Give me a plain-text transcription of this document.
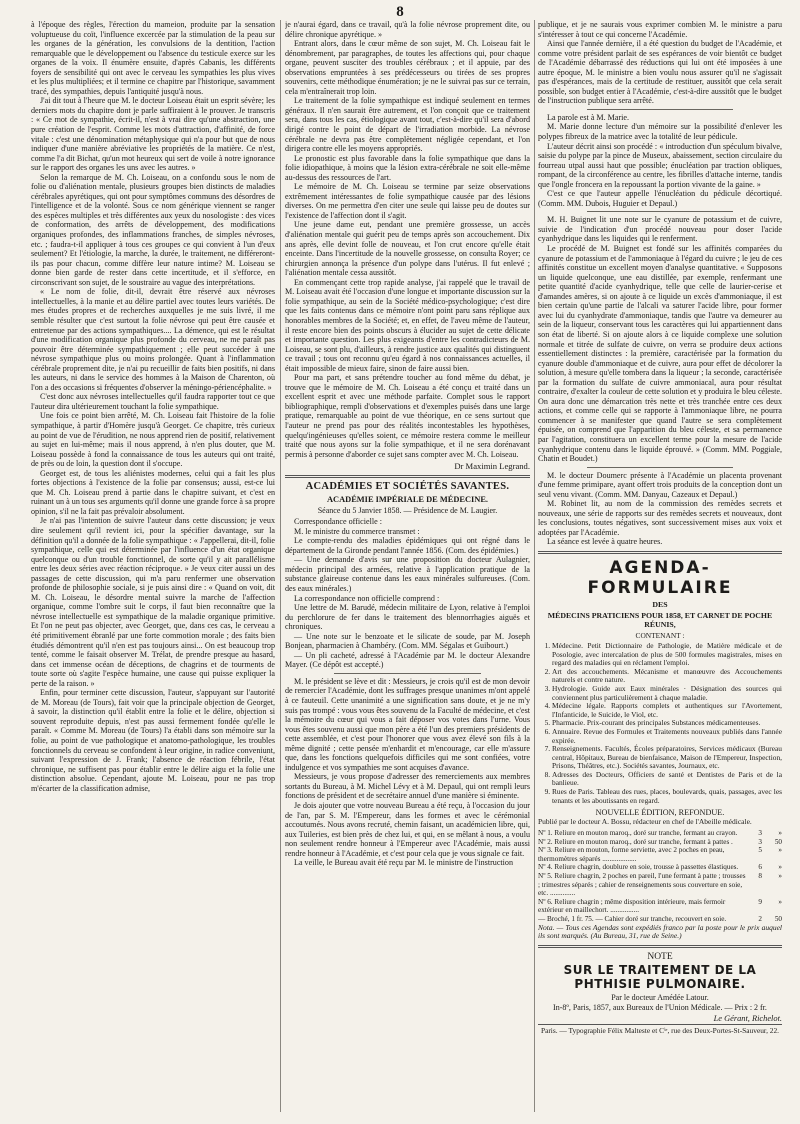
8

à l'époque des règles, l'érection du mameion, produite par la sensation voluptueuse du coït, l'influence excercée par la stimulation de la peau sur les organes de la génération, les convulsions de la dentition, l'action remarquable que le développement ou l'absence du testicule exerce sur les organes de la voix. Il énumère ensuite, d'après Cabanis, les différents foyers de sensibilité qui ont avec le cerveau les sympathies les plus vives et les plus multipliées; et il termine ce chapitre par l'historique, savamment tracé, des sympathies, depuis l'antiquité jusqu'à nous.

J'ai dit tout à l'heure que M. le docteur Loiseau était un esprit sévère; les derniers mots du chapitre dont je parle suffiraient à le prouver. Je transcris : « Ce mot de sympathie, écrit-il, n'est à vrai dire qu'une abstraction, une pure création de l'esprit. Comme les mots d'attraction, d'affinité, de force vitale : c'est une dénomination métaphysique qui n'a pour but que de nous indiquer d'une manière abréviative les propriétés de la matière. Ce n'est, comme l'a dit Bichat, qu'un mot heureux qui sert de voile à notre ignorance sur le rapport des organes les uns avec les autres. »

Selon la remarque de M. Ch. Loiseau, on a confondu sous le nom de folie ou d'aliénation mentale, plusieurs groupes bien distincts de maladies cérébrales apyrétiques, qui ont pour symptômes communs des désordres de l'intelligence et de la volonté. Sous ce nom générique viennent se ranger des espèces multiples et très différentes aux yeux du nosologiste : des vices de conformation, des arrêts de développement, des modifications organiques profondes, des inflammations franches, de simples névroses, etc. ; faudra-t-il appliquer à tous ces groupes ce qui convient à l'un d'eux seulement? Et l'étiologie, la marche, la durée, le traitement, ne différeront-ils pas pour chacun, comme diffère leur nature intime? M. Loiseau se donne bien garde de rester dans cette incertitude, et il s'efforce, en circonscrivant son sujet, de le soustraire au vague des interprétations.

« Le nom de folie, dit-il, devrait être réservé aux névroses intellectuelles, à la manie et au délire partiel avec toutes leurs variétés. De mes études propres et de recherches auxquelles je me suis livré, il me semble résulter que c'est surtout la folie névrose qui peut être causée et entretenue par des actions sympathiques.... La démence, qui est le résultat d'une modification organique plus profonde du cerveau, ne me paraît pas pouvoir être déterminée sympathiquement ; elle peut succéder à une névrose sympathique plus ou moins prolongée. Quant à l'inflammation cérébrale proprement dite, je n'ai pu recueillir de faits bien positifs, ni dans les auteurs, ni dans le service des hommes à la Maison de Charenton, où l'on a des occasions si fréquentes d'observer la méningo-périencéphalite. »

C'est donc aux névroses intellectuelles qu'il faudra rapporter tout ce que l'auteur dira ultérieurement touchant la folie sympathique.

Une fois ce point bien arrêté, M. Ch. Loiseau fait l'histoire de la folie sympathique, à partir d'Homère jusqu'à Georget. Ce chapitre, très curieux au point de vue de l'érudition, ne nous apprend rien de positif, relativement au sujet en lui-même; mais il nous apprend, à n'en plus douter, que M. Loiseau possède à fond la connaissance de tous les auteurs qui ont traité, de près ou de loin, la question dont il s'occupe.

Georget est, de tous les aliénistes modernes, celui qui a fait les plus fortes objections à l'existence de la folie par consensus; aussi, est-ce lui que M. Ch. Loiseau prend à partie dans le chapitre suivant, et c'est en ruinant un à un tous ses arguments qu'il donne une grande force à sa propre opinion, s'il ne la fait pas prévaloir absolument.

Je n'ai pas l'intention de suivre l'auteur dans cette discussion; je veux dire seulement qu'il revient ici, pour la spécifier davantage, sur la définition qu'il a donnée de la folie sympathique : « J'appellerai, dit-il, folie sympathique, celle qui est déterminée par l'influence d'un état organique quelconque ou d'un trouble fonctionnel, de sorte qu'il y ait parallélisme entre les deux séries avec réaction réciproque. » Je veux citer aussi un des passages de cette discussion, qui m'a paru renfermer une observation profonde de philosophie sociale, si je puis ainsi dire : « Quand on voit, dit M. Ch. Loiseau, le désordre mental suivre la marche de l'affection organique, comme l'ombre suit le corps, il faut bien reconnaître que la névrose intellectuelle est sympathique de la maladie organique primitive. Et l'on ne peut pas objecter, avec Georget, que, dans ces cas, le cerveau a été primitivement ébranlé par une forte commotion morale ; des faits bien étudiés démontrent qu'il n'en est pas toujours ainsi... On est beaucoup trop tenté, comme le faisait observer M. Trélat, de prendre presque au hasard, dans cet immense océan de déceptions, de chagrins et de tourments de toute sorte où s'agite l'espèce humaine, une cause qui puisse expliquer la perte de la raison. »

Enfin, pour terminer cette discussion, l'auteur, s'appuyant sur l'autorité de M. Moreau (de Tours), fait voir que la principale objection de Georget, à savoir, la distinction qu'il établit entre la folie et le délire, objection si souvent reproduite depuis, n'est pas aussi fermement fondée qu'elle le paraît. « Comme M. Moreau (de Tours) l'a établi dans son mémoire sur la folie, au point de vue pathologique et anatomo-pathologique, les troubles fonctionnels du cerveau se confondent à leur origine, in radice conveniunt, suivant l'expression de J. Frank; l'absence de réaction fébrile, l'état chronique, ne suffisent pas pour établir entre le délire aigu et la folie une distinction absolue. Cependant, ajoute M. Loiseau, pour ne pas trop m'écarter de la classification admise,

je n'aurai égard, dans ce travail, qu'à la folie névrose proprement dite, ou délire chronique apyrétique. »

Entrant alors, dans le cœur même de son sujet, M. Ch. Loiseau fait le dénombrement, par paragraphes, de toutes les affections qui, pour chaque organe, peuvent susciter des troubles cérébraux ; et il appuie, par des observations empruntées à ses prédécesseurs ou tirées de ses propres souvenirs, cette méthodique énumération; je ne le suivrai pas sur ce terrain, cela m'entraînerait trop loin.

Le traitement de la folie sympathique est indiqué seulement en termes généraux. Il n'en saurait être autrement, et l'on conçoit que ce traitement sera, dans tous les cas, étiologique avant tout, c'est-à-dire qu'il sera d'abord dirigé contre le point de départ de l'irradiation morbide. La névrose cérébrale ne devra pas être complètement négligée cependant, et l'on dirigera contre elle les moyens appropriés.

Le pronostic est plus favorable dans la folie sympathique que dans la folie idiopathique, à moins que la lésion extra-cérébrale ne soit elle-même au-dessus des ressources de l'art.

Le mémoire de M. Ch. Loiseau se termine par seize observations extrêmement intéressantes de folie sympathique causée par des lésions diverses. On me permettra d'en citer une seule qui laisse peu de doutes sur l'existence de l'affection dont il s'agit.

Une jeune dame eut, pendant une première grossesse, un accès d'aliénation mentale qui guérit peu de temps après son accouchement. Dix ans après, elle devint folle de nouveau, et l'on crut encore qu'elle était enceinte. Dans l'incertitude de la nouvelle grossesse, on consulta Royer; ce chirurgien annonça la présence d'un polype dans l'utérus. Il fut enlevé ; l'aliénation mentale cessa aussitôt.

En commençant cette trop rapide analyse, j'ai rappelé que le travail de M. Loiseau avait été l'occasion d'une longue et importante discussion sur la folie sympathique, au sein de la Société médico-psychologique; c'est dire que les faits contenus dans ce mémoire n'ont point paru sans réplique aux honorables membres de la Société; et, en effet, de l'aveu même de l'auteur, il reste encore bien des points obscurs à élucider au sujet de cette délicate et importante question. Les plus exigeants d'entre les contradicteurs de M. Loiseau, se sont plu, d'ailleurs, à rendre justice aux qualités qui distinguent ce travail ; tous ont reconnu qu'eu égard à nos connaissances actuelles, il était impossible de mieux faire, sinon de faire aussi bien.

Pour ma part, et sans prétendre toucher au fond même du débat, je trouve que le mémoire de M. Ch. Loiseau a été conçu et traité dans un excellent esprit et avec une méthode parfaite. Complet sous le rapport bibliographique, rempli d'observations et d'exemples puisés dans une large pratique, remarquable au point de vue théorique, en ce sens surtout que l'auteur ne prend pas pour des réalités incontestables les hypothèses, quelqu'ingénieuses qu'elles soient, ce mémoire restera comme le meilleur traité que nous ayons sur la folie sympathique, et il ne sera dorénavant permis à personne d'aborder ce sujet sans compter avec M. Ch. Loiseau.

Dr Maximin Legrand.
ACADÉMIES ET SOCIÉTÉS SAVANTES.
ACADÉMIE IMPÉRIALE DE MÉDECINE.
Séance du 5 Janvier 1858. — Présidence de M. Laugier.

Correspondance officielle :

M. le ministre du commerce transmet :

Le compte-rendu des maladies épidémiques qui ont régné dans le département de la Gironde pendant l'année 1856. (Com. des épidémies.)

— Une demande d'avis sur une proposition du docteur Aulagnier, médecin principal des armées, relative à l'application pratique de la substance glaireuse contenue dans les eaux minérales sulfureuses. (Com. des eaux minérales.)

La correspondance non officielle comprend :

Une lettre de M. Barudé, médecin militaire de Lyon, relative à l'emploi du perchlorure de fer dans le traitement des blennorrhagies aiguës et chroniques.

— Une note sur le benzoate et le silicate de soude, par M. Joseph Bonjean, pharmacien à Chambéry. (Com. MM. Ségalas et Guibourt.)

— Un pli cacheté, adressé à l'Académie par M. le docteur Alexandre Mayer. (Ce dépôt est accepté.)

M. le président se lève et dit : Messieurs, je crois qu'il est de mon devoir de remercier l'Académie, dont les suffrages presque unanimes m'ont appelé à ce fauteuil. Cette unanimité a une signification sans doute, et je ne m'y suis pas trompé : vous vous êtes souvenu de la Faculté de médecine, et c'est la mémoire du cœur qui vous a fait déposer vos votes dans l'urne. Vous vous êtes souvenu aussi que mon père a été l'un des premiers présidents de cette assemblée, et c'est pour l'honorer que vous avez élevé son fils à la même dignité ; cette pensée m'enhardit et m'encourage, car elle m'assure que, dans les fonctions quelquefois difficiles qui me sont confiées, votre indulgence et vos sympathies me sont acquises d'avance.

Messieurs, je vous propose d'adresser des remerciements aux membres sortants du Bureau, à M. Michel Lévy et à M. Depaul, qui ont rempli leurs fonctions de président et de secrétaire annuel d'une manière si éminente.

Je dois ajouter que votre nouveau Bureau a été reçu, à l'occasion du jour de l'an, par S. M. l'Empereur, dans les formes et avec le cérémonial accoutumés. Nous avons recruté, chemin faisant, un académicien libre, qui, aux Tuileries, est bien près de chez lui, et qui, en se mêlant à nous, a voulu non seulement rendre honneur à l'Empereur avec l'Académie, mais aussi rendre honneur à l'Académie, et c'est pour cela que je vous signale ce fait.

La veille, le Bureau avait été reçu par M. le ministre de l'instruction

publique, et je ne saurais vous exprimer combien M. le ministre a paru s'intéresser à tout ce qui concerne l'Académie.

Ainsi que l'année dernière, il a été question du budget de l'Académie, et comme votre président parlait de ses espérances de voir bientôt ce budget de l'Académie débarrassé des réductions qui lui ont été imposées à une autre époque, M. le ministre a bien voulu nous assurer qu'il ne s'agissait pas d'espérances, mais de la certitude de restituer, aussitôt que cela serait possible, son budget entier à l'Académie, c'est-à-dire aussitôt que le budget de l'instruction publique sera arrêté.

La parole est à M. Marie.

M. Marie donne lecture d'un mémoire sur la possibilité d'enlever les polypes fibreux de la matrice avec la totalité de leur pédicule.

L'auteur décrit ainsi son procédé : « introduction d'un spéculum bivalve, saisie du polype par la pince de Museux, abaissement, section circulaire du fourreau utpal aussi haut que possible; énucléation par traction obliques, rompant, de la circonférence au centre, les fibrilles d'attache interne, tandis que l'ongle froncera en la repoussant la portion vivante de la gaine. »

C'est ce que l'auteur appelle l'énucléation du pédicule décortiqué. (Comm. MM. Dubois, Huguier et Depaul.)

M. H. Buignet lit une note sur le cyanure de potassium et de cuivre, suivie de l'indication d'un procédé nouveau pour doser l'acide cyanhydrique dans les liquides qui le renferment.

Le procédé de M. Buignet est fondé sur les affinités comparées du cyanure de potassium et de l'ammoniaque à l'égard du cuivre ; le jeu de ces affinités constitue un excellent moyen d'analyse quantitative. « Supposons un liquide quelconque, une eau distillée, par exemple, renfermant une petite quantité d'acide cyanhydrique, telle que celle de laurier-cerise et d'amandes amères, si on ajoute à ce liquide un excès d'ammoniaque, il est bien certain qu'une partie de l'alcali va saturer l'acide libre, pour former avec lui du cyanhydrate d'ammoniaque, tandis que l'autre va demeurer au sein de la liqueur, conservant tous les caractères qui lui appartiennent dans son état de liberté. Si on ajoute alors à ce liquide complexe une solution normale et titrée de sulfate de cuivre, on verra se produire deux actions essentiellement distinctes : la première, caractérisée par la formation du cyanure double d'ammoniaque et de cuivre, aura pour effet de décolorer la solution, à mesure qu'elle tombera dans la liqueur ; la seconde, caractérisée par la formation du sulfate de cuivre ammoniacal, aura pour résultat contraire, d'exalter la couleur de cette solution et y produira le bleu céleste. On aura donc une démarcation très nette et très tranchée entre ces deux actions, et comme celle qui se rapporte à l'ammoniaque libre, ne pourra commencer à se manifester que quand l'autre se sera complètement épuisée, on comprend que l'apparition du bleu céleste, et sa permanence par l'agitation, constituera un excellent terme pour la mesure de l'acide cyanhydrique contenu dans le liquide éprouvé. » (Comm. MM. Poggiale, Chatin et Boudet.)

M. le docteur Doumerc présente à l'Académie un placenta provenant d'une femme primipare, ayant offert trois produits de la conception dont un seul venu vivant. (Comm. MM. Danyau, Cazeaux et Depaul.)

M. Robinet lit, au nom de la commission des remèdes secrets et nouveaux, une série de rapports sur des remèdes secrets et nouveaux, dont les conclusions, toutes négatives, sont successivement mises aux voix et adoptées par l'Académie.

La séance est levée à quatre heures.

AGENDA-FORMULAIRE
DES
MÉDECINS PRATICIENS POUR 1858, ET CARNET DE POCHE RÉUNIS,
CONTENANT :
1. Médecine. Petit Dictionnaire de Pathologie, de Matière médicale et de Posologie, avec intercalation de plus de 500 formules magistrales, mises en regard des maladies qui en réclament l'emploi.
2. Art des accouchements. Mécanisme et manœuvre des Accouchements naturels et contre nature.
3. Hydrologie. Guide aux Eaux minérales · Désignation des sources qui conviennent plus particulièrement à chaque maladie.
4. Médecine légale. Rapports complets et authentiques sur l'Avortement, l'Infanticide, le Suicide, le Viol, etc.
5. Pharmacie. Prix-courant des principales Substances médicamenteuses.
6. Annuaire. Revue des Formules et Traitements nouveaux publiés dans l'année expirée.
7. Renseignements. Facultés, Écoles préparatoires, Services médicaux (Bureau central, Hôpitaux, Bureau de bienfaisance, Maison de l'Empereur, Inspection, Prisons, Théâtres, etc.). Sociétés savantes, Journaux, etc.
8. Adresses des Docteurs, Officiers de santé et Dentistes de Paris et de la banlieue.
9. Rues de Paris. Tableau des rues, places, boulevards, quais, passages, avec les tenants et les aboutissants en regard.
NOUVELLE ÉDITION, REFONDUE.
Publié par le docteur A. Bossu, rédacteur en chef de l'Abeille médicale.
Nº 1. Reliure en mouton maroq., doré sur tranche, fermant au crayon.	3	»
Nº 2. Reliure en mouton maroq., doré sur tranche, fermant à pattes .	3	50
Nº 3. Reliure en mouton, forme serviette, avec 2 poches en peau, thermomètres séparés ...................	5	»
Nº 4. Reliure chagrin, doublure en soie, trousse à passettes élastiques.	6	»
Nº 5. Reliure chagrin, 2 poches en pareil, l'une fermant à patte ; trousses ; trimestres séparés ; cahier de renseignements sous couverture en soie, etc. ..............	8	»
Nº 6. Reliure chagrin ; même disposition intérieure, mais fermoir extérieur en maillechort. ................	9	»
— Broché, 1 fr. 75. — Cahier doré sur tranche, recouvert en soie.	2	50
Nota. — Tous ces Agendas sont expédiés franco par la poste pour le prix auquel ils sont marqués. (Au Bureau, 31, rue de Seine.)
NOTE
SUR LE TRAITEMENT DE LA PHTHISIE PULMONAIRE.
Par le docteur Amédée Latour.
In-8º, Paris, 1857, aux Bureaux de l'Union Médicale. — Prix : 2 fr.
Le Gérant, Richelot.
Paris. — Typographie Félix Malteste et Cⁱᵉ, rue des Deux-Portes-St-Sauveur, 22.
